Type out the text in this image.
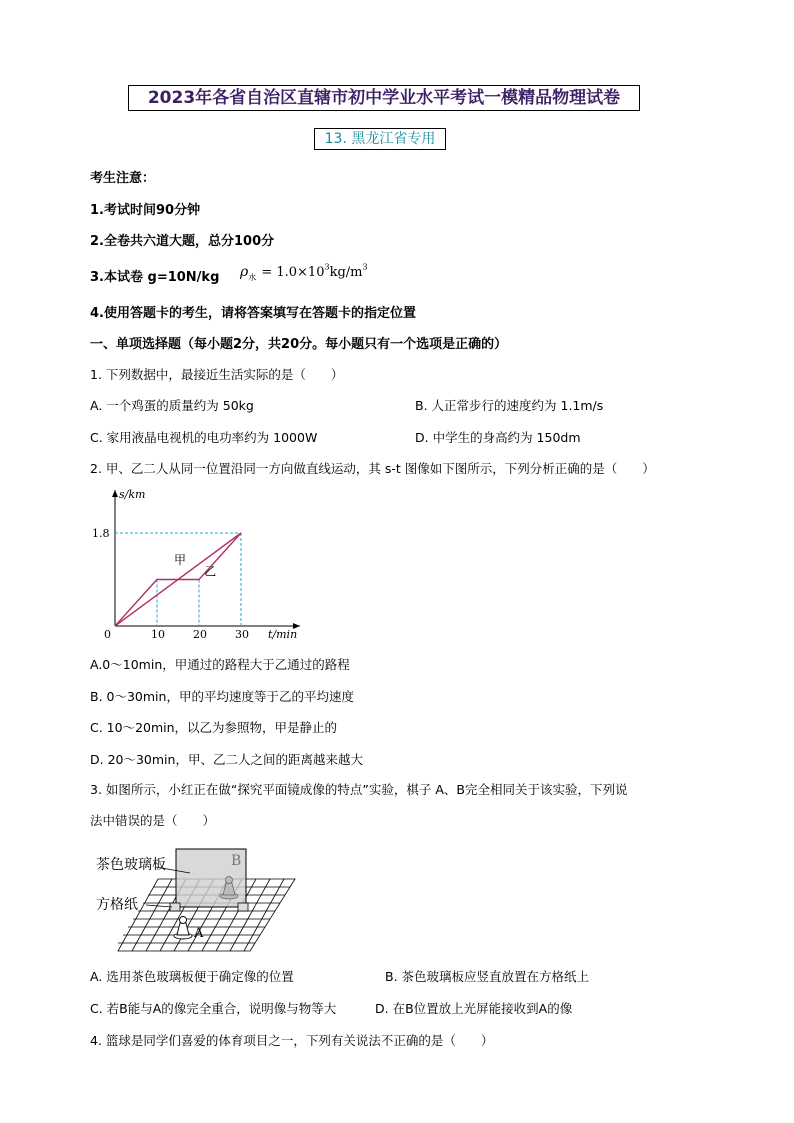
2023年各省自治区直辖市初中学业水平考试一模精品物理试卷
13. 黑龙江省专用
考生注意：
1.考试时间90分钟
2.全卷共六道大题，总分100分
3.本试卷 g=10N/kg $\rho_水 = 1.0\times 10^3kg/m^3$
4.使用答题卡的考生，请将答案填写在答题卡的指定位置
一、单项选择题（每小题2分，共20分。每小题只有一个选项是正确的）
1. 下列数据中，最接近生活实际的是（　　）
A. 一个鸡蛋的质量约为 50kg	B. 人正常步行的速度约为 1.1m/s
C. 家用液晶电视机的电功率约为 1000W	D. 中学生的身高约为 150dm
2. 甲、乙二人从同一位置沿同一方向做直线运动，其 s-t 图像如下图所示，下列分析正确的是（　　）
s/km
t/min
0	10	20	30
1.8
甲
乙
A.0～10min，甲通过的路程大于乙通过的路程
B. 0～30min，甲的平均速度等于乙的平均速度
C. 10～20min，以乙为参照物，甲是静止的
D. 20～30min，甲、乙二人之间的距离越来越大
3. 如图所示，小红正在做“探究平面镜成像的特点”实验，棋子 A、B完全相同关于该实验，下列说
法中错误的是（　　）
茶色玻璃板
方格纸
B
A
A. 选用茶色玻璃板便于确定像的位置	B. 茶色玻璃板应竖直放置在方格纸上
C. 若B能与A的像完全重合，说明像与物等大	D. 在B位置放上光屏能接收到A的像
4. 篮球是同学们喜爱的体育项目之一，下列有关说法不正确的是（　　）
